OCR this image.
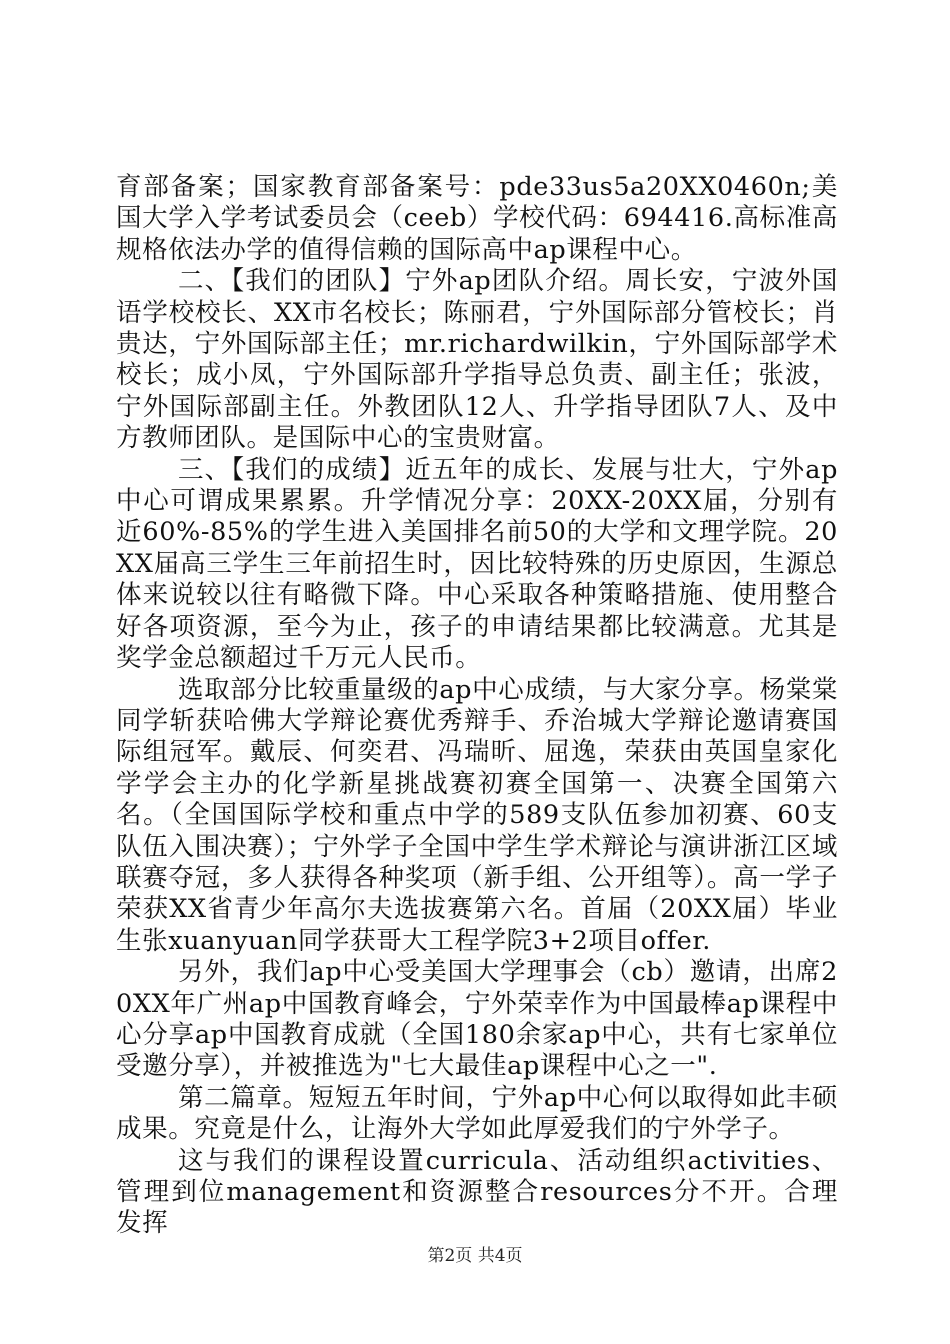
育部备案；国家教育部备案号：pde33us5a20XX0460n;美国大学入学考试委员会（ceeb）学校代码：694416.高标准高规格依法办学的值得信赖的国际高中ap课程中心。

二、【我们的团队】宁外ap团队介绍。周长安，宁波外国语学校校长、XX市名校长；陈丽君，宁外国际部分管校长；肖贵达，宁外国际部主任；mr.richardwilkin，宁外国际部学术校长；成小凤，宁外国际部升学指导总负责、副主任；张波，宁外国际部副主任。外教团队12人、升学指导团队7人、及中方教师团队。是国际中心的宝贵财富。

三、【我们的成绩】近五年的成长、发展与壮大，宁外ap中心可谓成果累累。升学情况分享：20XX-20XX届，分别有近60%-85%的学生进入美国排名前50的大学和文理学院。20XX届高三学生三年前招生时，因比较特殊的历史原因，生源总体来说较以往有略微下降。中心采取各种策略措施、使用整合好各项资源，至今为止，孩子的申请结果都比较满意。尤其是奖学金总额超过千万元人民币。

选取部分比较重量级的ap中心成绩，与大家分享。杨棠棠同学斩获哈佛大学辩论赛优秀辩手、乔治城大学辩论邀请赛国际组冠军。戴辰、何奕君、冯瑞昕、屈逸，荣获由英国皇家化学学会主办的化学新星挑战赛初赛全国第一、决赛全国第六名。（全国国际学校和重点中学的589支队伍参加初赛、60支队伍入围决赛）；宁外学子全国中学生学术辩论与演讲浙江区域联赛夺冠，多人获得各种奖项（新手组、公开组等）。高一学子荣获XX省青少年高尔夫选拔赛第六名。首届（20XX届）毕业生张xuanyuan同学获哥大工程学院3+2项目offer.

另外，我们ap中心受美国大学理事会（cb）邀请，出席20XX年广州ap中国教育峰会，宁外荣幸作为中国最棒ap课程中心分享ap中国教育成就（全国180余家ap中心，共有七家单位受邀分享），并被推选为"七大最佳ap课程中心之一".

第二篇章。短短五年时间，宁外ap中心何以取得如此丰硕成果。究竟是什么，让海外大学如此厚爱我们的宁外学子。

这与我们的课程设置curricula、活动组织activities、管理到位management和资源整合resources分不开。合理发挥

第2页 共4页
